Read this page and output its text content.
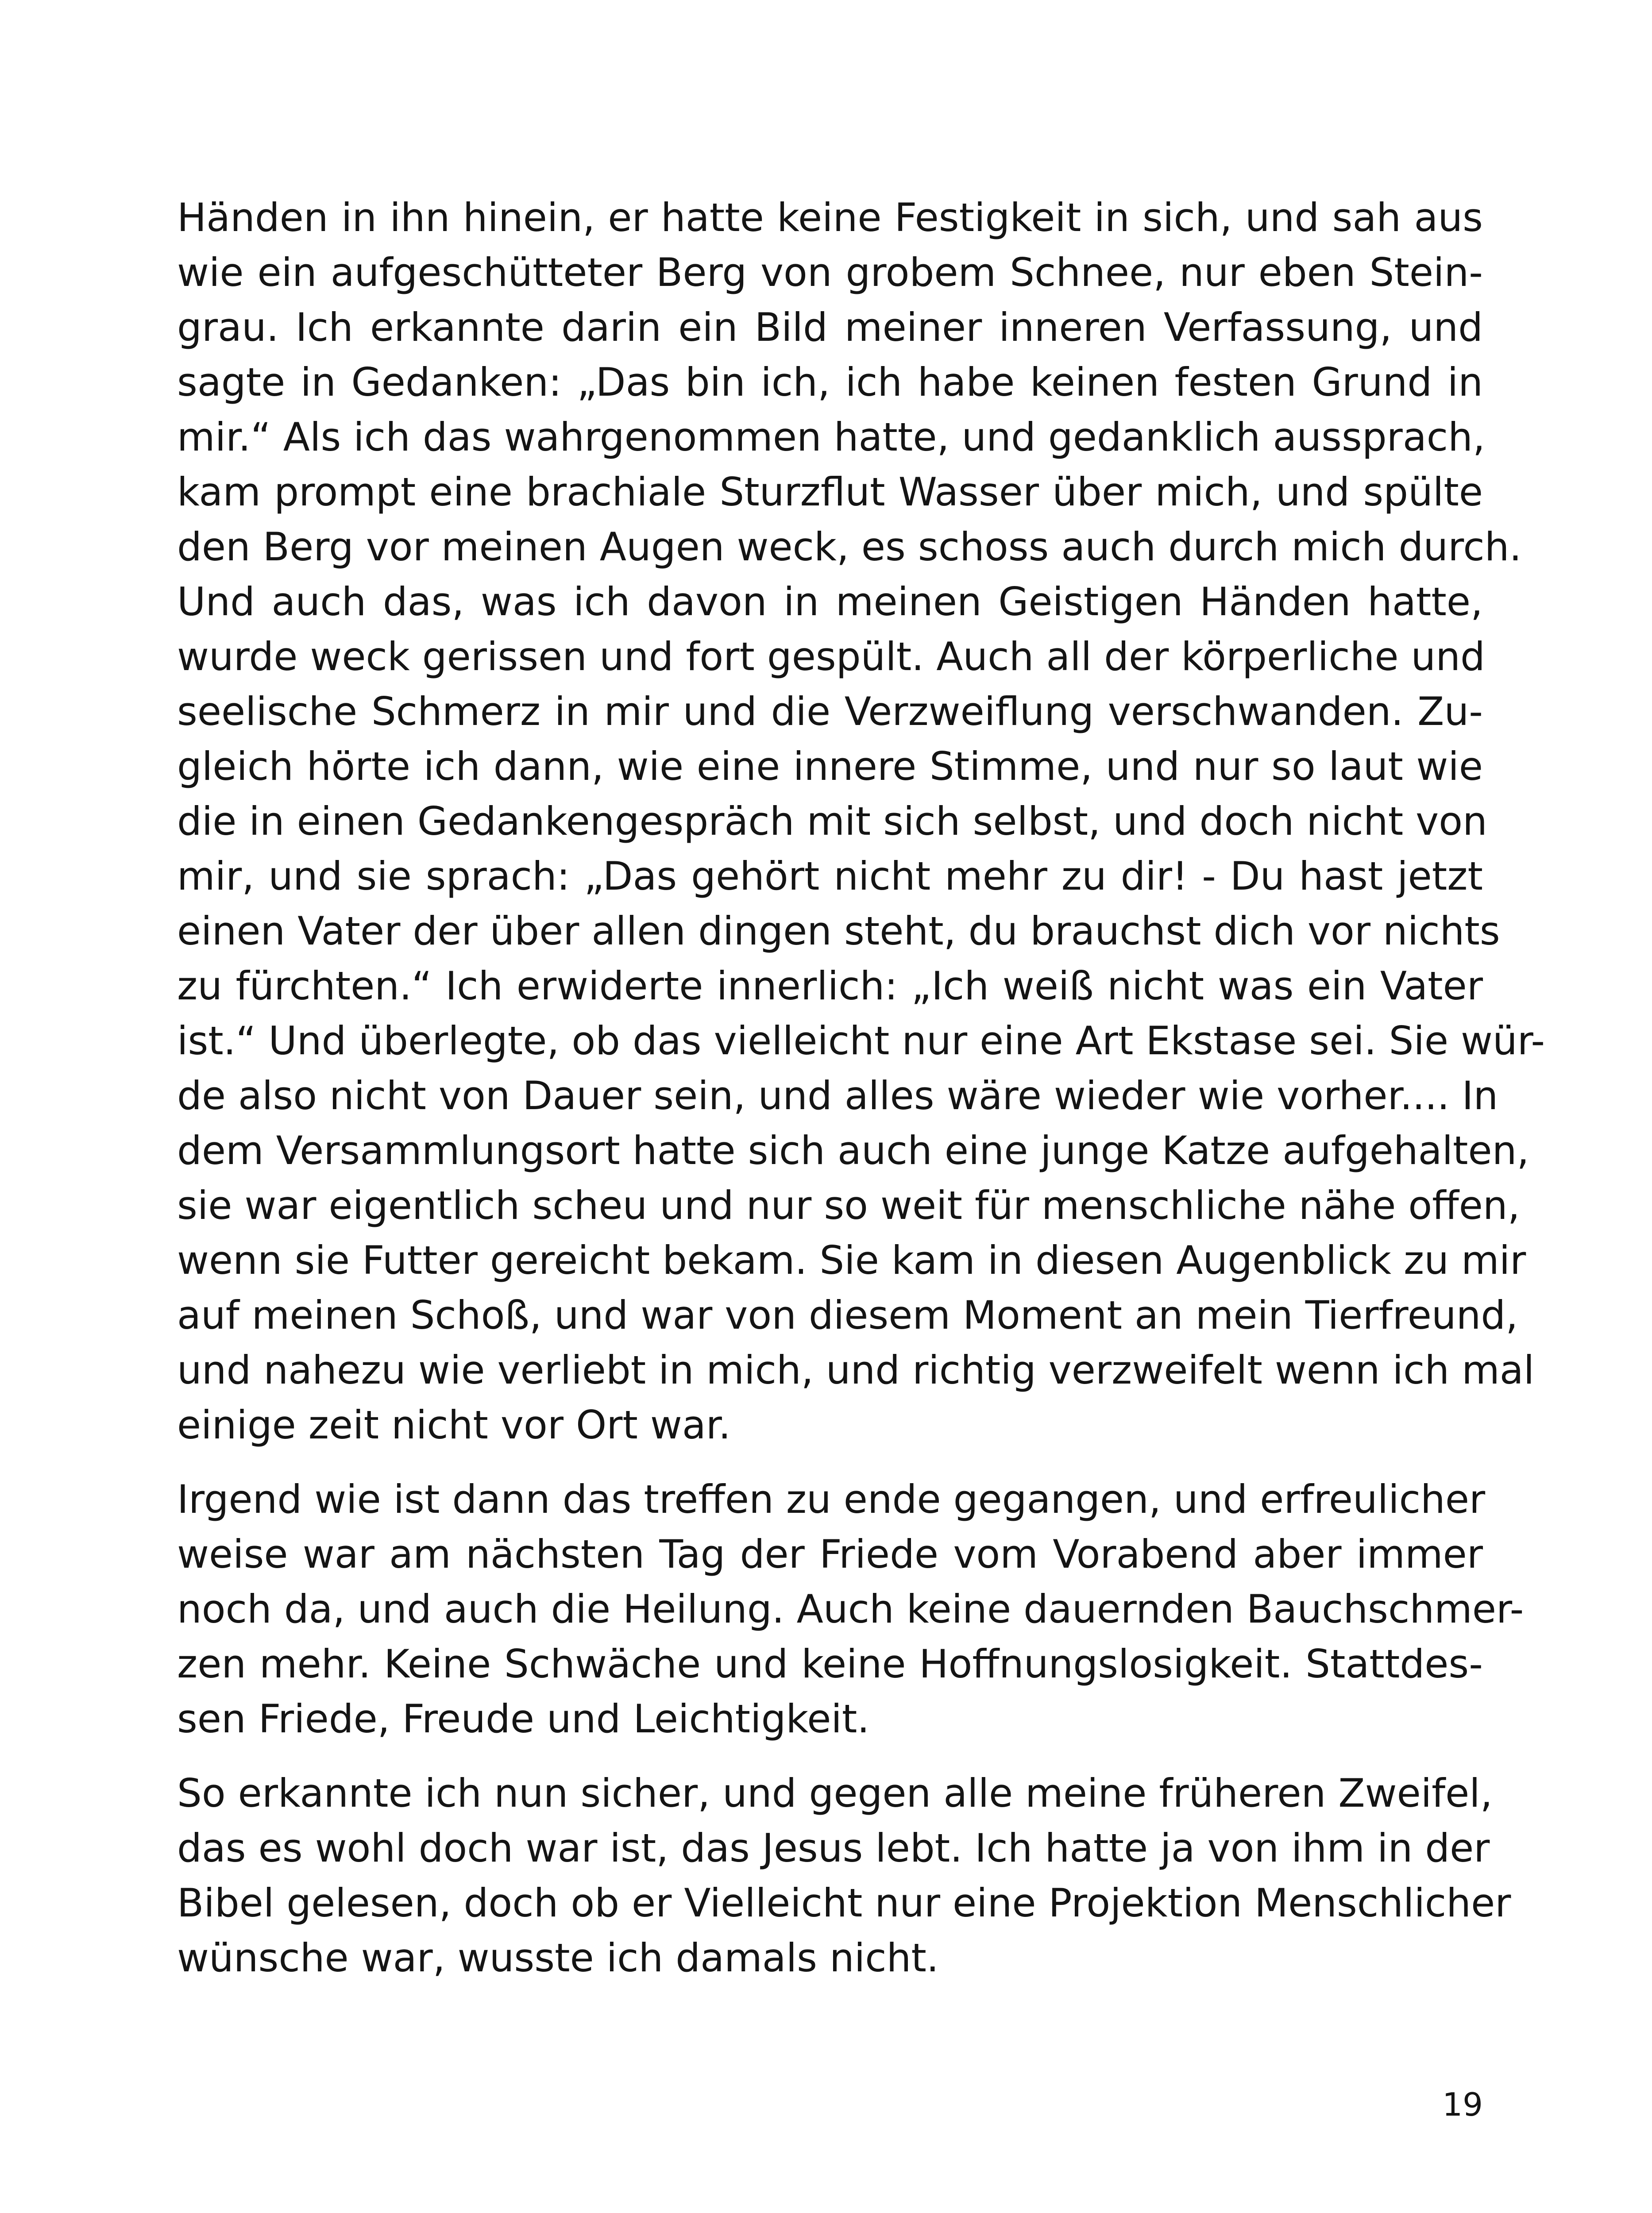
Händen in ihn hinein, er hatte keine Festigkeit in sich, und sah aus
wie ein aufgeschütteter Berg von grobem Schnee, nur eben Stein-
grau. Ich erkannte darin ein Bild meiner inneren Verfassung, und
sagte in Gedanken: „Das bin ich, ich habe keinen festen Grund in
mir.“ Als ich das wahrgenommen hatte, und gedanklich aussprach,
kam prompt eine brachiale Sturzflut Wasser über mich, und spülte
den Berg vor meinen Augen weck, es schoss auch durch mich durch.
Und auch das, was ich davon in meinen Geistigen Händen hatte,
wurde weck gerissen und fort gespült. Auch all der körperliche und
seelische Schmerz in mir und die Verzweiflung verschwanden. Zu-
gleich hörte ich dann, wie eine innere Stimme, und nur so laut wie
die in einen Gedankengespräch mit sich selbst, und doch nicht von
mir, und sie sprach: „Das gehört nicht mehr zu dir! - Du hast jetzt
einen Vater der über allen dingen steht, du brauchst dich vor nichts
zu fürchten.“ Ich erwiderte innerlich: „Ich weiß nicht was ein Vater
ist.“ Und überlegte, ob das vielleicht nur eine Art Ekstase sei. Sie wür-
de also nicht von Dauer sein, und alles wäre wieder wie vorher.... In
dem Versammlungsort hatte sich auch eine junge Katze aufgehalten,
sie war eigentlich scheu und nur so weit für menschliche nähe offen,
wenn sie Futter gereicht bekam. Sie kam in diesen Augenblick zu mir
auf meinen Schoß, und war von diesem Moment an mein Tierfreund,
und nahezu wie verliebt in mich, und richtig verzweifelt wenn ich mal
einige zeit nicht vor Ort war.
Irgend wie ist dann das treffen zu ende gegangen, und erfreulicher
weise war am nächsten Tag der Friede vom Vorabend aber immer
noch da, und auch die Heilung. Auch keine dauernden Bauchschmer-
zen mehr. Keine Schwäche und keine Hoffnungslosigkeit. Stattdes-
sen Friede, Freude und Leichtigkeit.
So erkannte ich nun sicher, und gegen alle meine früheren Zweifel,
das es wohl doch war ist, das Jesus lebt. Ich hatte ja von ihm in der
Bibel gelesen, doch ob er Vielleicht nur eine Projektion Menschlicher
wünsche war, wusste ich damals nicht.
19
